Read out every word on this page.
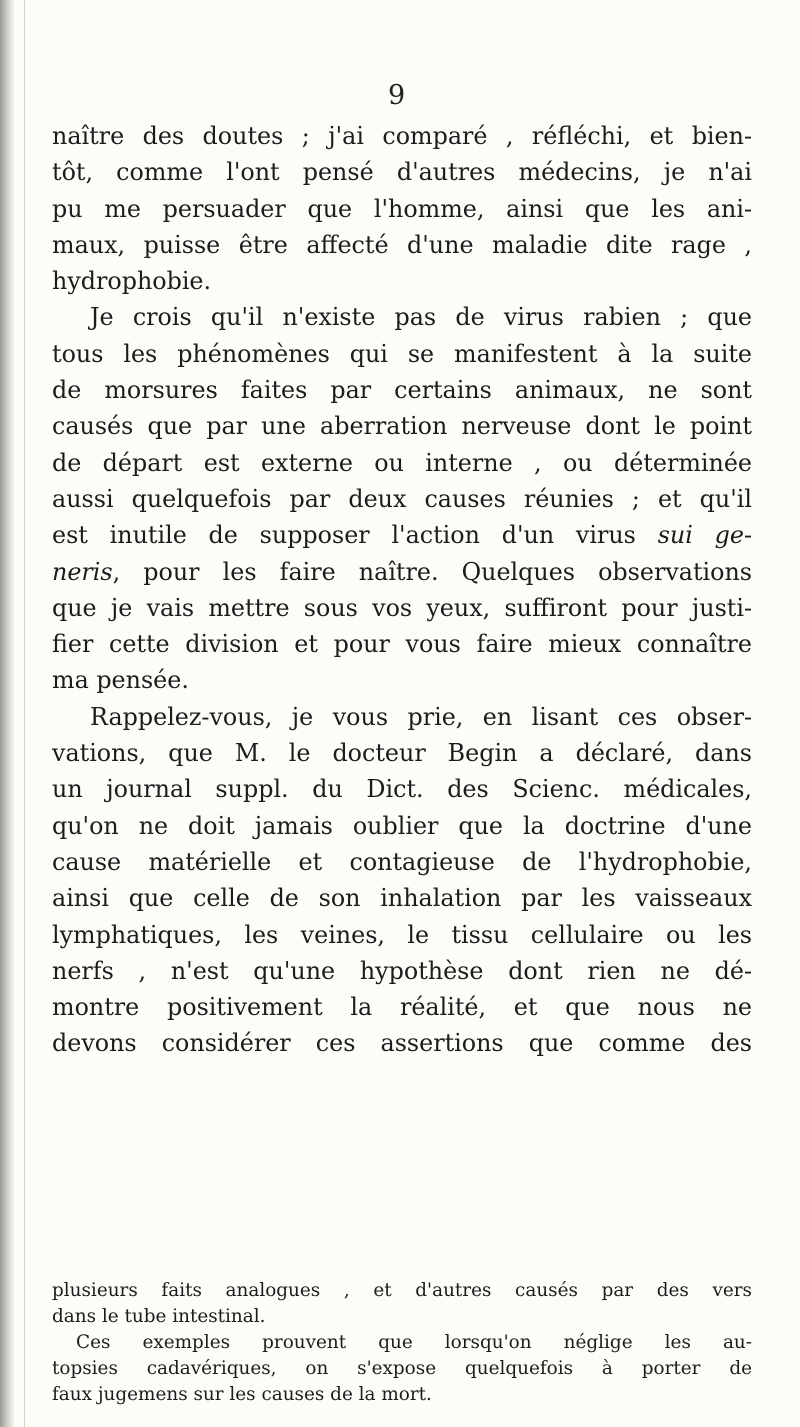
9
naître des doutes ; j'ai comparé , réfléchi, et bien-
tôt, comme l'ont pensé d'autres médecins, je n'ai
pu me persuader que l'homme, ainsi que les ani-
maux, puisse être affecté d'une maladie dite rage ,
hydrophobie.
Je crois qu'il n'existe pas de virus rabien ; que
tous les phénomènes qui se manifestent à la suite
de morsures faites par certains animaux, ne sont
causés que par une aberration nerveuse dont le point
de départ est externe ou interne , ou déterminée
aussi quelquefois par deux causes réunies ; et qu'il
est inutile de supposer l'action d'un virus sui ge-
neris, pour les faire naître. Quelques observations
que je vais mettre sous vos yeux, suffiront pour justi-
fier cette division et pour vous faire mieux connaître
ma pensée.
Rappelez-vous, je vous prie, en lisant ces obser-
vations, que M. le docteur Begin a déclaré, dans
un journal suppl. du Dict. des Scienc. médicales,
qu'on ne doit jamais oublier que la doctrine d'une
cause matérielle et contagieuse de l'hydrophobie,
ainsi que celle de son inhalation par les vaisseaux
lymphatiques, les veines, le tissu cellulaire ou les
nerfs , n'est qu'une hypothèse dont rien ne dé-
montre positivement la réalité, et que nous ne
devons considérer ces assertions que comme des
plusieurs faits analogues , et d'autres causés par des vers
dans le tube intestinal.
Ces exemples prouvent que lorsqu'on néglige les au-
topsies cadavériques, on s'expose quelquefois à porter de
faux jugemens sur les causes de la mort.
